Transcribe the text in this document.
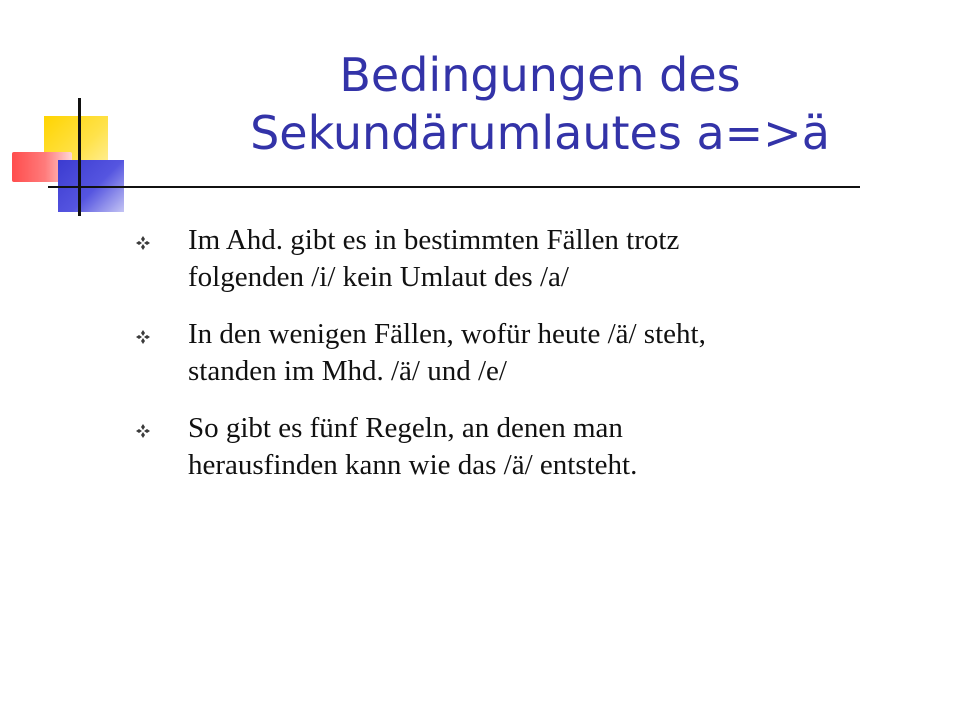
Bedingungen des
Sekundärumlautes a=>ä
Im Ahd. gibt es in bestimmten Fällen trotz
folgenden /i/ kein Umlaut des /a/
In den wenigen Fällen, wofür heute /ä/ steht,
standen im Mhd. /ä/ und /e/
So gibt es fünf Regeln, an denen man
herausfinden kann wie das /ä/ entsteht.
